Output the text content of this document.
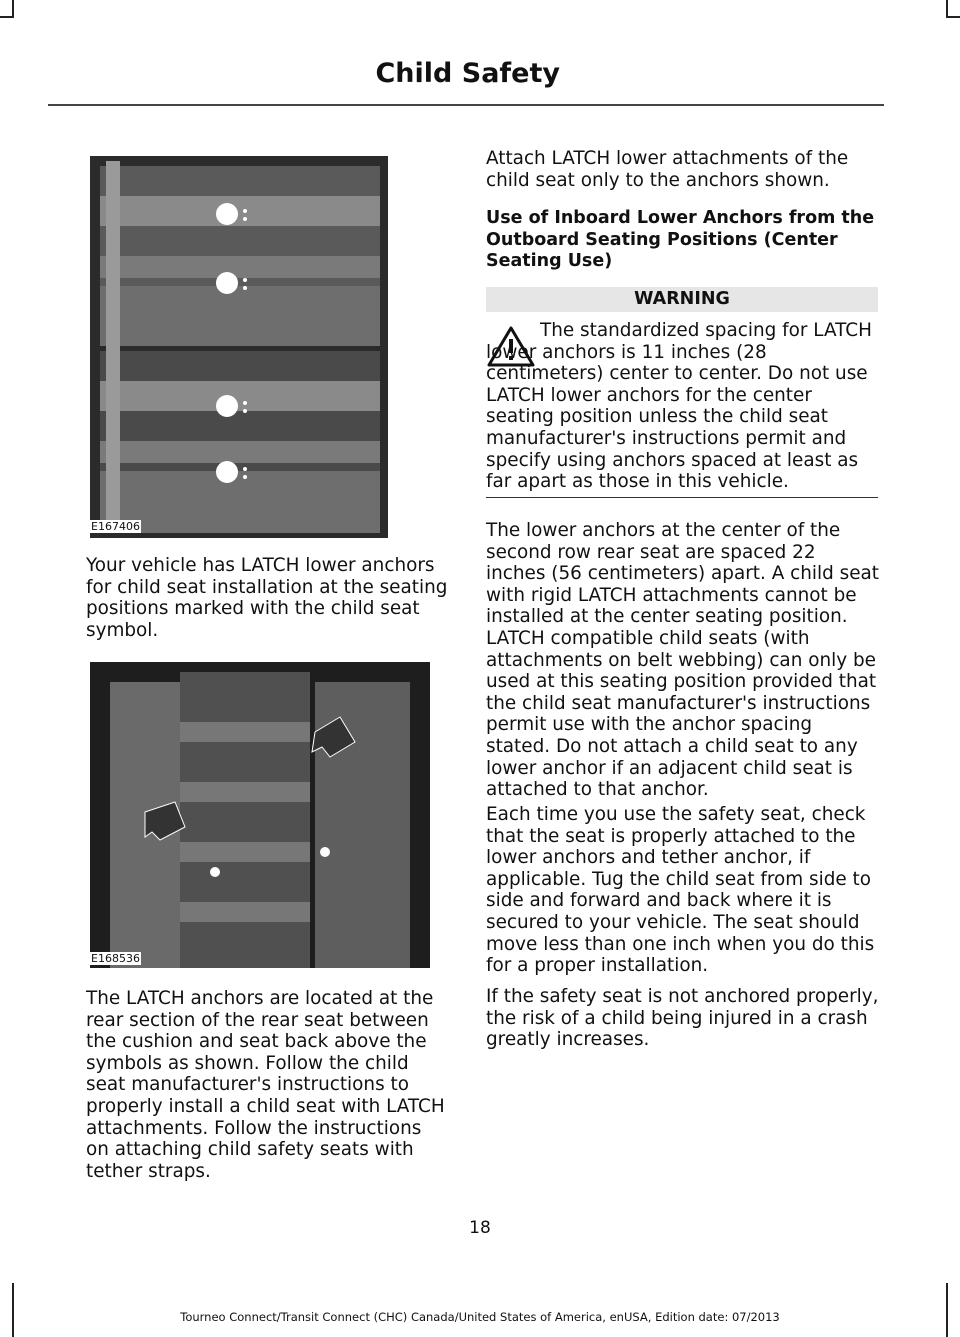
Child Safety
E167406

Your vehicle has LATCH lower anchors for child seat installation at the seating positions marked with the child seat symbol.

E168536

The LATCH anchors are located at the rear section of the rear seat between the cushion and seat back above the symbols as shown. Follow the child seat manufacturer's instructions to properly install a child seat with LATCH attachments. Follow the instructions on attaching child safety seats with tether straps.

Attach LATCH lower attachments of the child seat only to the anchors shown.

Use of Inboard Lower Anchors from the Outboard Seating Positions (Center Seating Use)
WARNING

The standardized spacing for LATCH lower anchors is 11 inches (28 centimeters) center to center. Do not use LATCH lower anchors for the center seating position unless the child seat manufacturer's instructions permit and specify using anchors spaced at least as far apart as those in this vehicle.

The lower anchors at the center of the second row rear seat are spaced 22 inches (56 centimeters) apart. A child seat with rigid LATCH attachments cannot be installed at the center seating position. LATCH compatible child seats (with attachments on belt webbing) can only be used at this seating position provided that the child seat manufacturer's instructions permit use with the anchor spacing stated. Do not attach a child seat to any lower anchor if an adjacent child seat is attached to that anchor.

Each time you use the safety seat, check that the seat is properly attached to the lower anchors and tether anchor, if applicable. Tug the child seat from side to side and forward and back where it is secured to your vehicle. The seat should move less than one inch when you do this for a proper installation.

If the safety seat is not anchored properly, the risk of a child being injured in a crash greatly increases.

18
Tourneo Connect/Transit Connect (CHC) Canada/United States of America, enUSA, Edition date: 07/2013
